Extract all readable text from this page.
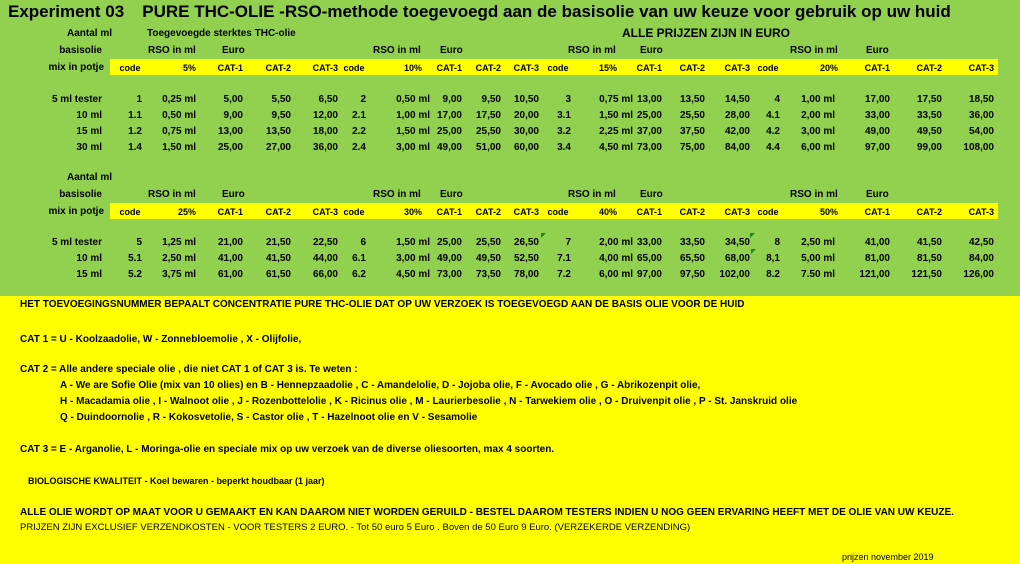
Experiment 03 PURE THC-OLIE -RSO-methode toegevoegd aan de basisolie van uw keuze voor gebruik op uw huid
Aantal ml
basisolie
mix in potje
Toegevoegde sterktes THC-olie	ALLE PRIJZEN ZIJN IN EURO
RSO in ml	Euro	RSO in ml Euro	RSO in ml Euro	RSO in ml	Euro
code	5%	CAT-1	CAT-2	CAT-3 code	10%	CAT-1	CAT-2	CAT-3 code	15%	CAT-1	CAT-2	CAT-3 code	20%	CAT-1	CAT-2	CAT-3
5 ml tester	1	0,25 ml	5,00	5,50	6,50	2	0,50 ml	9,00	9,50	10,50	3	0,75 ml 13,00	13,50	14,50	4	1,00 ml	17,00	17,50	18,50
10 ml	1.1	0,50 ml	9,00	9,50	12,00	2.1	1,00 ml 17,00	17,50	20,00	3.1	1,50 ml 25,00	25,50	28,00	4.1	2,00 ml	33,00	33,50	36,00
15 ml	1.2	0,75 ml	13,00	13,50	18,00	2.2	1,50 ml 25,00	25,50	30,00	3.2	2,25 ml 37,00	37,50	42,00	4.2	3,00 ml	49,00	49,50	54,00
30 ml	1.4	1,50 ml	25,00	27,00	36,00	2.4	3,00 ml 49,00	51,00	60,00	3.4	4,50 ml 73,00	75,00	84,00	4.4	6,00 ml	97,00	99,00	108,00
Aantal ml
basisolie
mix in potje
RSO in ml	Euro	RSO in ml Euro	RSO in ml Euro	RSO in ml	Euro
code	25%	CAT-1	CAT-2	CAT-3 code	30%	CAT-1	CAT-2	CAT-3 code	40%	CAT-1	CAT-2	CAT-3 code	50%	CAT-1	CAT-2	CAT-3
5 ml tester	5	1,25 ml	21,00	21,50	22,50	6	1,50 ml 25,00	25,50	26,50	7	2,00 ml 33,00	33,50	34,50	8	2,50 ml	41,00	41,50	42,50
10 ml	5.1	2,50 ml	41,00	41,50	44,00	6.1	3,00 ml 49,00	49,50	52,50	7.1	4,00 ml 65,00	65,50	68,00	8,1	5,00 ml	81,00	81,50	84,00
15 ml	5.2	3,75 ml	61,00	61,50	66,00	6.2	4,50 ml 73,00	73,50	78,00	7.2	6,00 ml 97,00	97,50	102,00	8.2	7.50 ml	121,00	121,50	126,00
HET TOEVOEGINGSNUMMER BEPAALT CONCENTRATIE PURE THC-OLIE DAT OP UW VERZOEK IS TOEGEVOEGD AAN DE BASIS OLIE VOOR DE HUID
CAT 1 = U - Koolzaadolie, W - Zonnebloemolie , X - Olijfolie,
CAT 2 = Alle andere speciale olie , die niet CAT 1 of CAT 3 is. Te weten :
A - We are Sofie Olie (mix van 10 olies) en B - Hennepzaadolie , C - Amandelolie, D - Jojoba olie, F - Avocado olie , G - Abrikozenpit olie,
H - Macadamia olie , I - Walnoot olie , J - Rozenbottelolie , K - Ricinus olie , M - Laurierbesolie , N - Tarwekiem olie , O - Druivenpit olie , P - St. Janskruid olie
Q - Duindoornolie , R - Kokosvetolie, S - Castor olie , T - Hazelnoot olie en V - Sesamolie
CAT 3 = E - Arganolie, L - Moringa-olie en speciale mix op uw verzoek van de diverse oliesoorten, max 4 soorten.
BIOLOGISCHE KWALITEIT - Koel bewaren - beperkt houdbaar (1 jaar)
ALLE OLIE WORDT OP MAAT VOOR U GEMAAKT EN KAN DAAROM NIET WORDEN GERUILD - BESTEL DAAROM TESTERS INDIEN U NOG GEEN ERVARING HEEFT MET DE OLIE VAN UW KEUZE.
PRIJZEN ZIJN EXCLUSIEF VERZENDKOSTEN - VOOR TESTERS 2 EURO. - Tot 50 euro 5 Euro . Boven de 50 Euro 9 Euro. (VERZEKERDE VERZENDING)
prijzen november 2019
